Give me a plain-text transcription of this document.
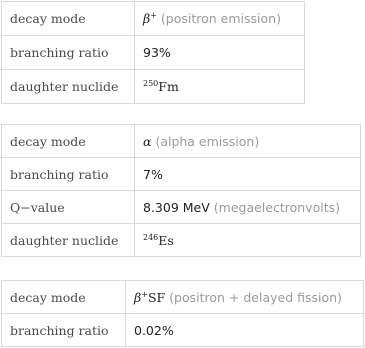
decay mode	β+ (positron emission)
branching ratio	93%
daughter nuclide	$^{250}$Fm
decay mode	α (alpha emission)
branching ratio	7%
Q−value	8.309 MeV (megaelectronvolts)
daughter nuclide	$^{246}$Es
decay mode	β+SF (positron + delayed fission)
branching ratio	0.02%
